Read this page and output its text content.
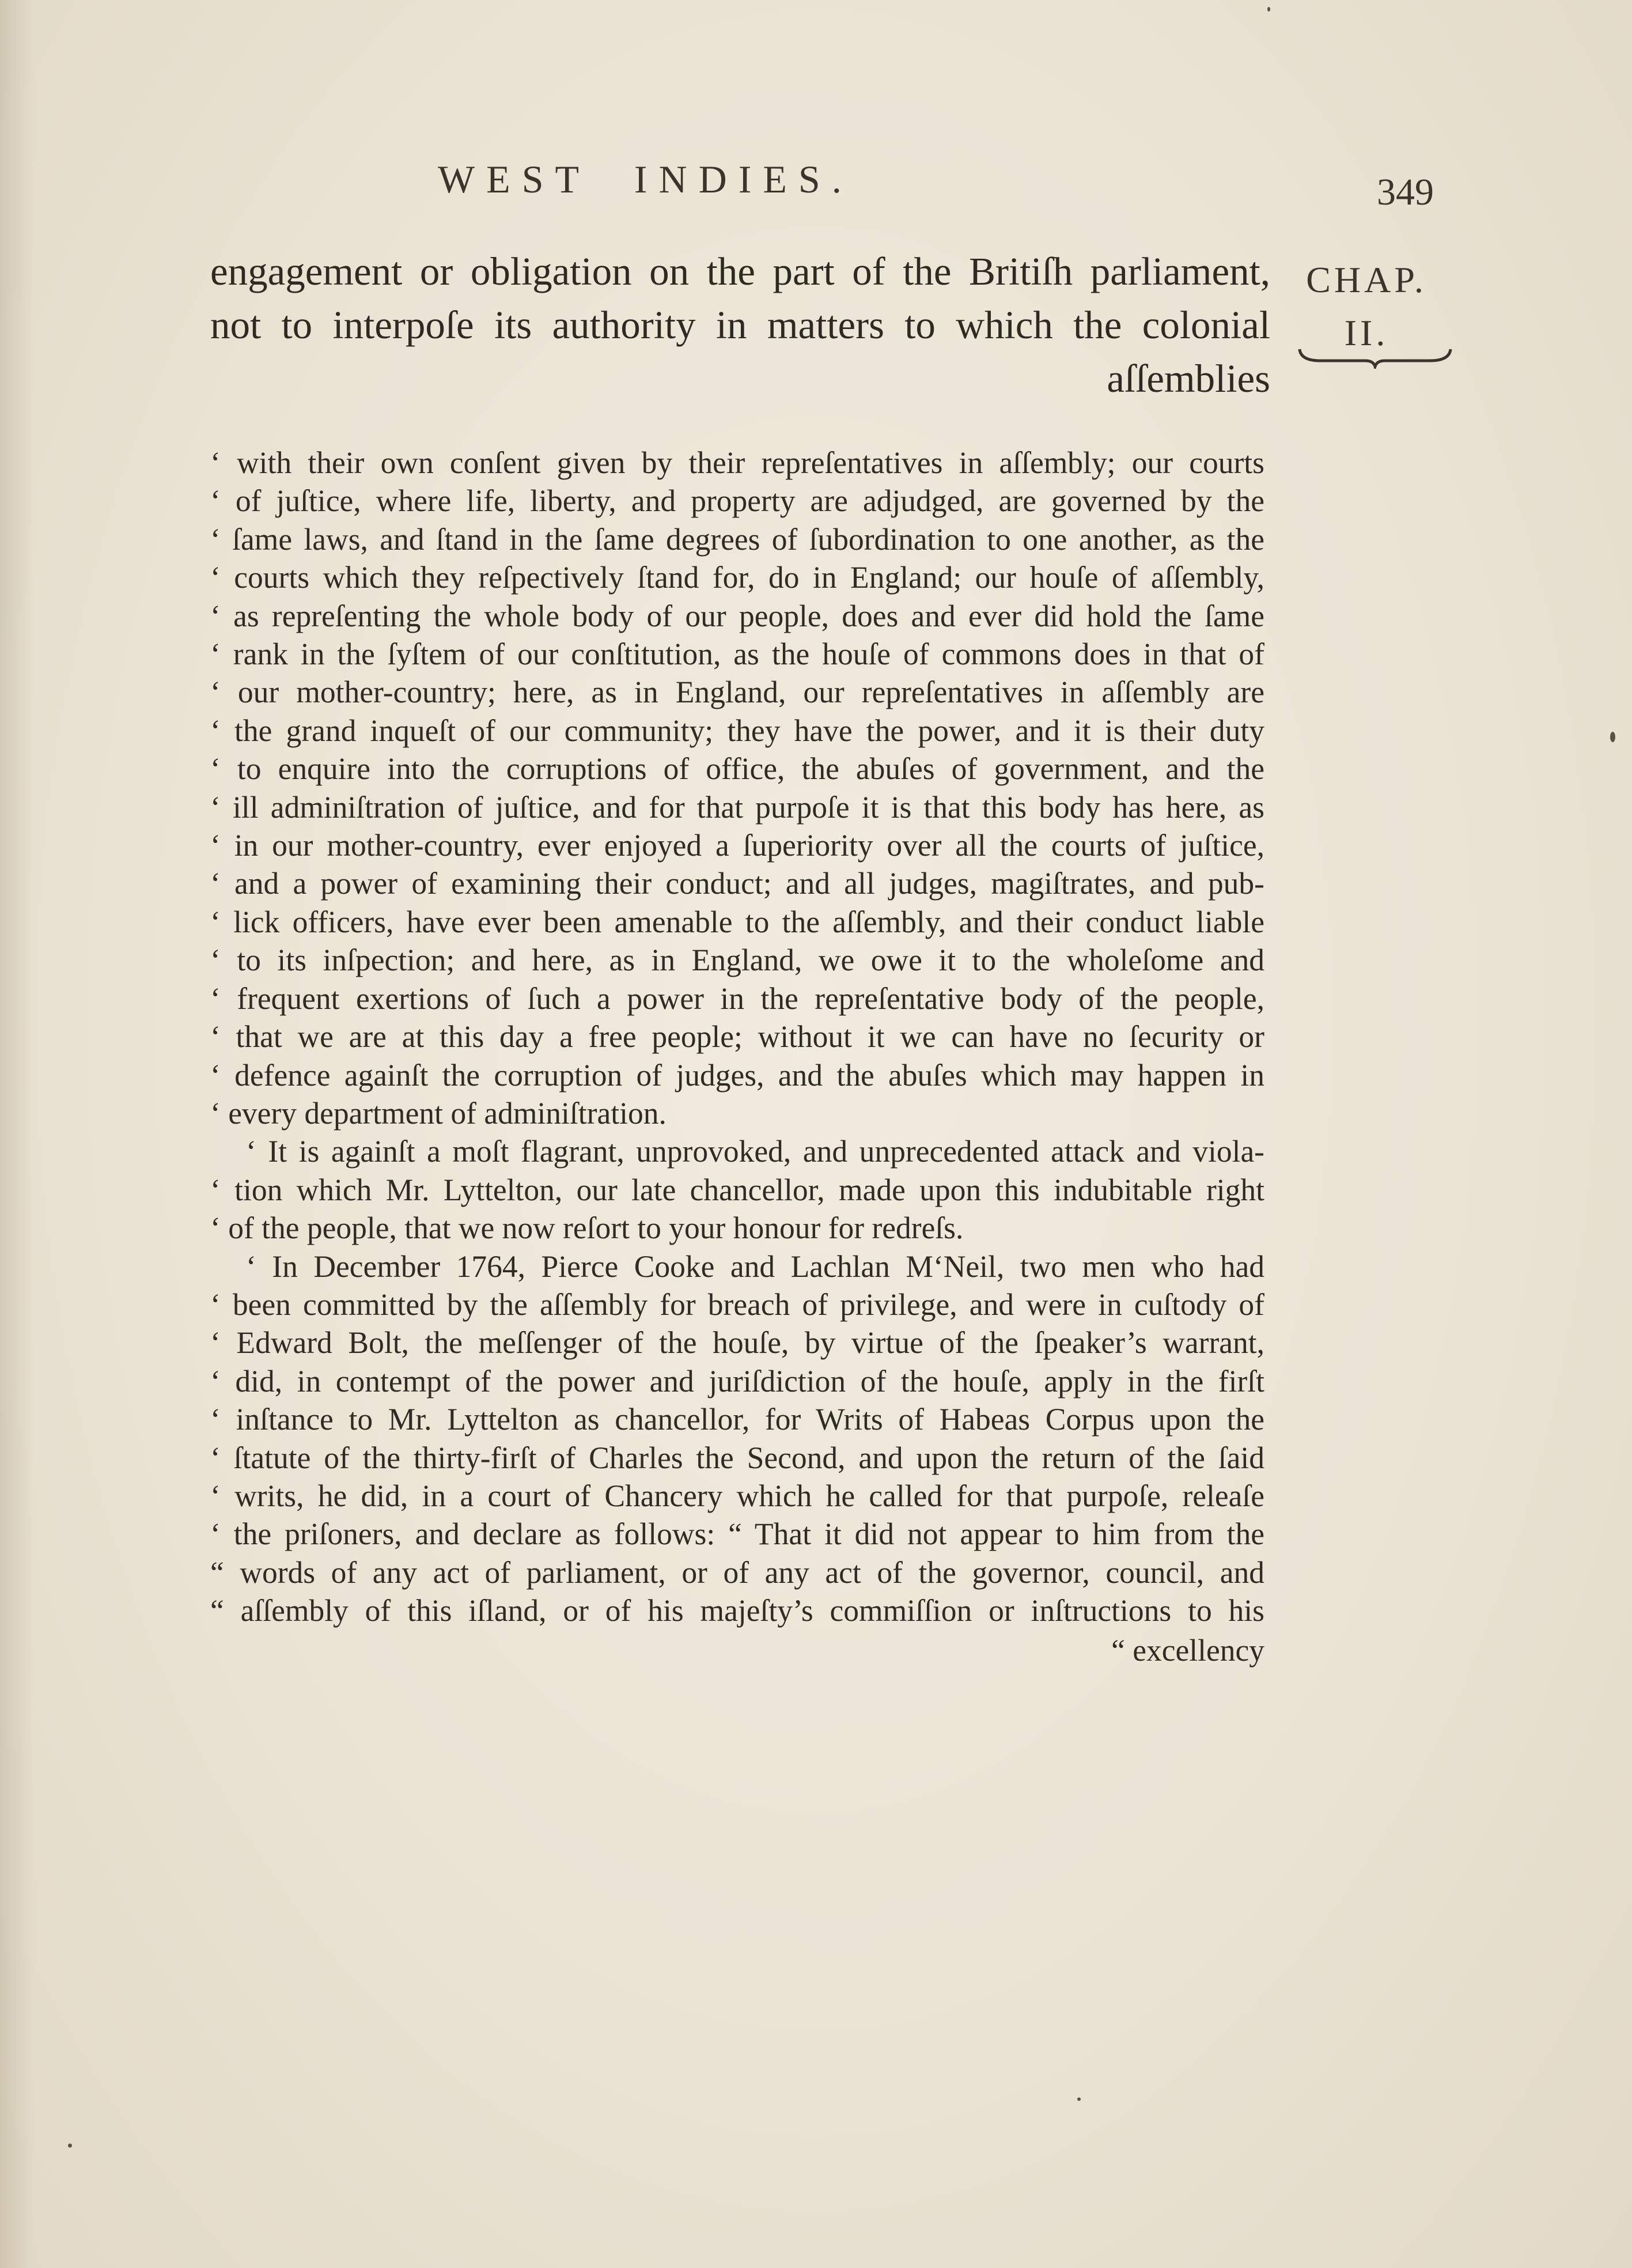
WEST INDIES.	349
CHAP.
II.
engagement or obligation on the part of the Britiſh parliament,
not to interpoſe its authority in matters to which the colonial
aſſemblies
‘ with their own conſent given by their repreſentatives in aſſembly; our courts
‘ of juſtice, where life, liberty, and property are adjudged, are governed by the
‘ ſame laws, and ſtand in the ſame degrees of ſubordination to one another, as the
‘ courts which they reſpectively ſtand for, do in England; our houſe of aſſembly,
‘ as repreſenting the whole body of our people, does and ever did hold the ſame
‘ rank in the ſyſtem of our conſtitution, as the houſe of commons does in that of
‘ our mother-country; here, as in England, our repreſentatives in aſſembly are
‘ the grand inqueſt of our community; they have the power, and it is their duty
‘ to enquire into the corruptions of office, the abuſes of government, and the
‘ ill adminiſtration of juſtice, and for that purpoſe it is that this body has here, as
‘ in our mother-country, ever enjoyed a ſuperiority over all the courts of juſtice,
‘ and a power of examining their conduct; and all judges, magiſtrates, and pub-
‘ lick officers, have ever been amenable to the aſſembly, and their conduct liable
‘ to its inſpection; and here, as in England, we owe it to the wholeſome and
‘ frequent exertions of ſuch a power in the repreſentative body of the people,
‘ that we are at this day a free people; without it we can have no ſecurity or
‘ defence againſt the corruption of judges, and the abuſes which may happen in
‘ every department of adminiſtration.
‘ It is againſt a moſt flagrant, unprovoked, and unprecedented attack and viola-
‘ tion which Mr. Lyttelton, our late chancellor, made upon this indubitable right
‘ of the people, that we now reſort to your honour for redreſs.
‘ In December 1764, Pierce Cooke and Lachlan M‘Neil, two men who had
‘ been committed by the aſſembly for breach of privilege, and were in cuſtody of
‘ Edward Bolt, the meſſenger of the houſe, by virtue of the ſpeaker’s warrant,
‘ did, in contempt of the power and juriſdiction of the houſe, apply in the firſt
‘ inſtance to Mr. Lyttelton as chancellor, for Writs of Habeas Corpus upon the
‘ ſtatute of the thirty-firſt of Charles the Second, and upon the return of the ſaid
‘ writs, he did, in a court of Chancery which he called for that purpoſe, releaſe
‘ the priſoners, and declare as follows: “ That it did not appear to him from the
“ words of any act of parliament, or of any act of the governor, council, and
“ aſſembly of this iſland, or of his majeſty’s commiſſion or inſtructions to his
“ excellency
